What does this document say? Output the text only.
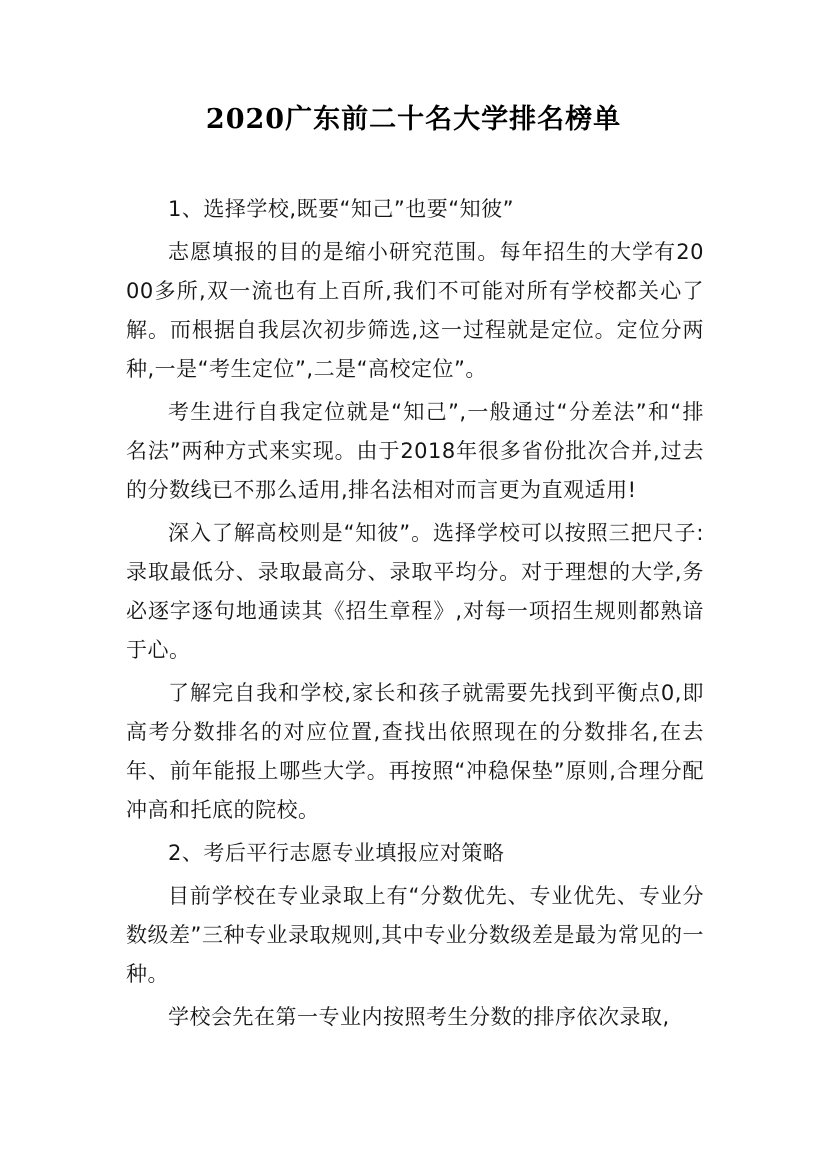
2020广东前二十名大学排名榜单

1、选择学校,既要“知己”也要“知彼”

志愿填报的目的是缩小研究范围。每年招生的大学有2000多所,双一流也有上百所,我们不可能对所有学校都关心了解。而根据自我层次初步筛选,这一过程就是定位。定位分两种,一是“考生定位”,二是“高校定位”。

考生进行自我定位就是“知己”,一般通过“分差法”和“排名法”两种方式来实现。由于2018年很多省份批次合并,过去的分数线已不那么适用,排名法相对而言更为直观适用!

深入了解高校则是“知彼”。选择学校可以按照三把尺子:录取最低分、录取最高分、录取平均分。对于理想的大学,务必逐字逐句地通读其《招生章程》,对每一项招生规则都熟谙于心。

了解完自我和学校,家长和孩子就需要先找到平衡点0,即高考分数排名的对应位置,查找出依照现在的分数排名,在去年、前年能报上哪些大学。再按照“冲稳保垫”原则,合理分配冲高和托底的院校。

2、考后平行志愿专业填报应对策略

目前学校在专业录取上有“分数优先、专业优先、专业分数级差”三种专业录取规则,其中专业分数级差是最为常见的一种。

学校会先在第一专业内按照考生分数的排序依次录取,
